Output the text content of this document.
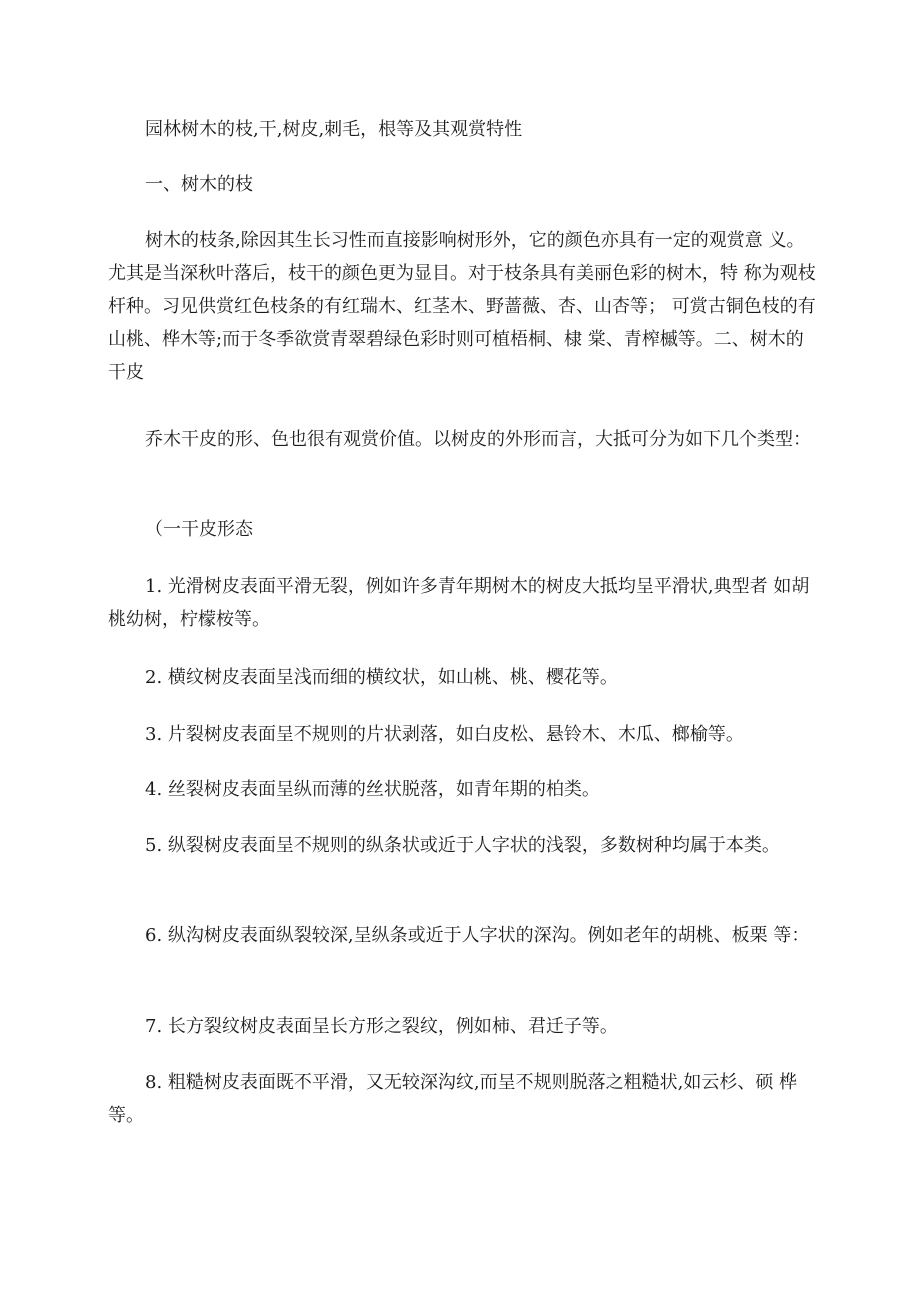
园林树木的枝,干,树皮,刺毛，根等及其观赏特性

一、树木的枝

树木的枝条,除因其生长习性而直接影响树形外，它的颜色亦具有一定的观赏意 义。尤其是当深秋叶落后，枝干的颜色更为显目。对于枝条具有美丽色彩的树木，特 称为观枝杆种。习见供赏红色枝条的有红瑞木、红茎木、野蔷薇、杏、山杏等； 可赏古铜色枝的有山桃、桦木等;而于冬季欲赏青翠碧绿色彩时则可植梧桐、棣 棠、青榨槭等。二、树木的干皮

乔木干皮的形、色也很有观赏价值。以树皮的外形而言，大抵可分为如下几个类型：

（一干皮形态

1. 光滑树皮表面平滑无裂，例如许多青年期树木的树皮大抵均呈平滑状,典型者 如胡桃幼树，柠檬桉等。

2. 横纹树皮表面呈浅而细的横纹状，如山桃、桃、樱花等。

3. 片裂树皮表面呈不规则的片状剥落，如白皮松、悬铃木、木瓜、榔榆等。

4. 丝裂树皮表面呈纵而薄的丝状脱落，如青年期的柏类。

5. 纵裂树皮表面呈不规则的纵条状或近于人字状的浅裂，多数树种均属于本类。

6. 纵沟树皮表面纵裂较深,呈纵条或近于人字状的深沟。例如老年的胡桃、板栗 等：

7. 长方裂纹树皮表面呈长方形之裂纹，例如柿、君迁子等。

8. 粗糙树皮表面既不平滑，又无较深沟纹,而呈不规则脱落之粗糙状,如云杉、硕 桦等。
